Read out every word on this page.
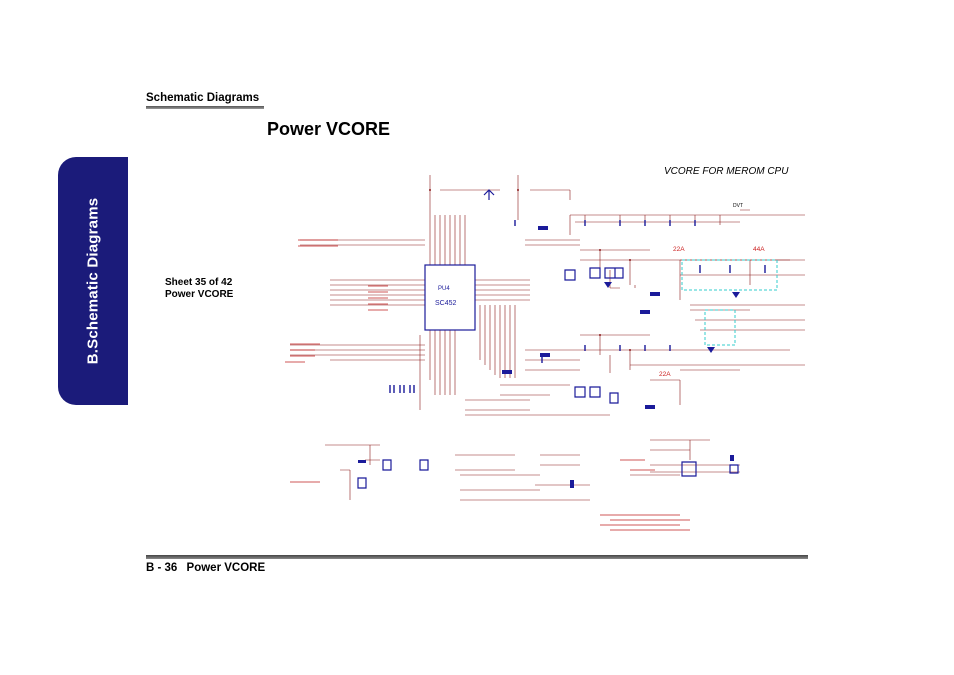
B.Schematic Diagrams
Schematic Diagrams
Power VCORE
Sheet 35 of 42
Power VCORE
VCORE FOR MEROM CPU
PU4
SC452
22A	44A
22A
DVT
B - 36 Power VCORE
